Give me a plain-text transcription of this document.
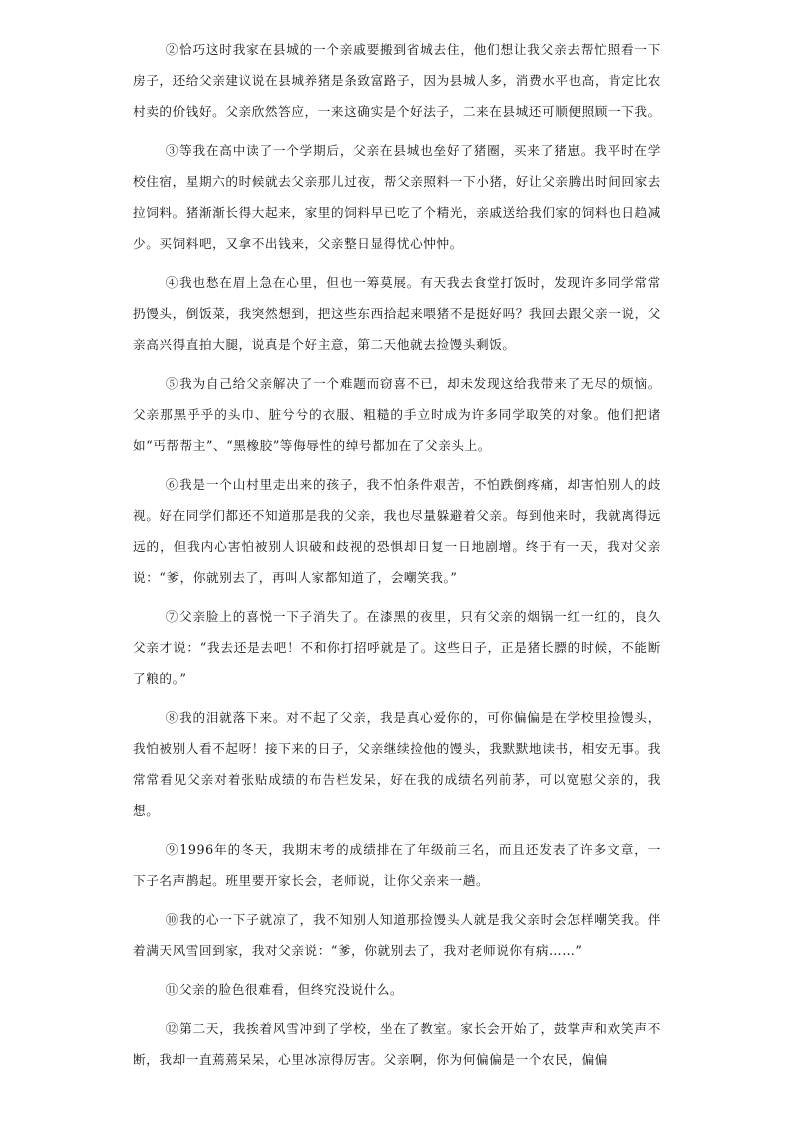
②恰巧这时我家在县城的一个亲戚要搬到省城去住，他们想让我父亲去帮忙照看一下房子，还给父亲建议说在县城养猪是条致富路子，因为县城人多，消费水平也高，肯定比农村卖的价钱好。父亲欣然答应，一来这确实是个好法子，二来在县城还可顺便照顾一下我。

③等我在高中读了一个学期后，父亲在县城也垒好了猪圈，买来了猪崽。我平时在学校住宿，星期六的时候就去父亲那儿过夜，帮父亲照料一下小猪，好让父亲腾出时间回家去拉饲料。猪渐渐长得大起来，家里的饲料早已吃了个精光，亲戚送给我们家的饲料也日趋减少。买饲料吧，又拿不出钱来，父亲整日显得忧心忡忡。

④我也愁在眉上急在心里，但也一筹莫展。有天我去食堂打饭时，发现许多同学常常扔馒头，倒饭菜，我突然想到，把这些东西拾起来喂猪不是挺好吗？我回去跟父亲一说，父亲高兴得直拍大腿，说真是个好主意，第二天他就去捡馒头剩饭。

⑤我为自己给父亲解决了一个难题而窃喜不已，却未发现这给我带来了无尽的烦恼。父亲那黑乎乎的头巾、脏兮兮的衣服、粗糙的手立时成为许多同学取笑的对象。他们把诸如“丐帮帮主”、“黑橡胶”等侮辱性的绰号都加在了父亲头上。

⑥我是一个山村里走出来的孩子，我不怕条件艰苦，不怕跌倒疼痛，却害怕别人的歧视。好在同学们都还不知道那是我的父亲，我也尽量躲避着父亲。每到他来时，我就离得远远的，但我内心害怕被别人识破和歧视的恐惧却日复一日地剧增。终于有一天，我对父亲说：“爹，你就别去了，再叫人家都知道了，会嘲笑我。”

⑦父亲脸上的喜悦一下子消失了。在漆黑的夜里，只有父亲的烟锅一红一红的，良久父亲才说：“我去还是去吧！不和你打招呼就是了。这些日子，正是猪长膘的时候，不能断了粮的。”

⑧我的泪就落下来。对不起了父亲，我是真心爱你的，可你偏偏是在学校里捡馒头，我怕被别人看不起呀！接下来的日子，父亲继续捡他的馒头，我默默地读书，相安无事。我常常看见父亲对着张贴成绩的布告栏发呆，好在我的成绩名列前茅，可以宽慰父亲的，我想。

⑨1996年的冬天，我期末考的成绩排在了年级前三名，而且还发表了许多文章，一下子名声鹊起。班里要开家长会，老师说，让你父亲来一趟。

⑩我的心一下子就凉了，我不知别人知道那捡馒头人就是我父亲时会怎样嘲笑我。伴着满天风雪回到家，我对父亲说：“爹，你就别去了，我对老师说你有病……”

⑪父亲的脸色很难看，但终究没说什么。

⑫第二天，我挨着风雪冲到了学校，坐在了教室。家长会开始了，鼓掌声和欢笑声不断，我却一直蔫蔫呆呆，心里冰凉得厉害。父亲啊，你为何偏偏是一个农民，偏偏
